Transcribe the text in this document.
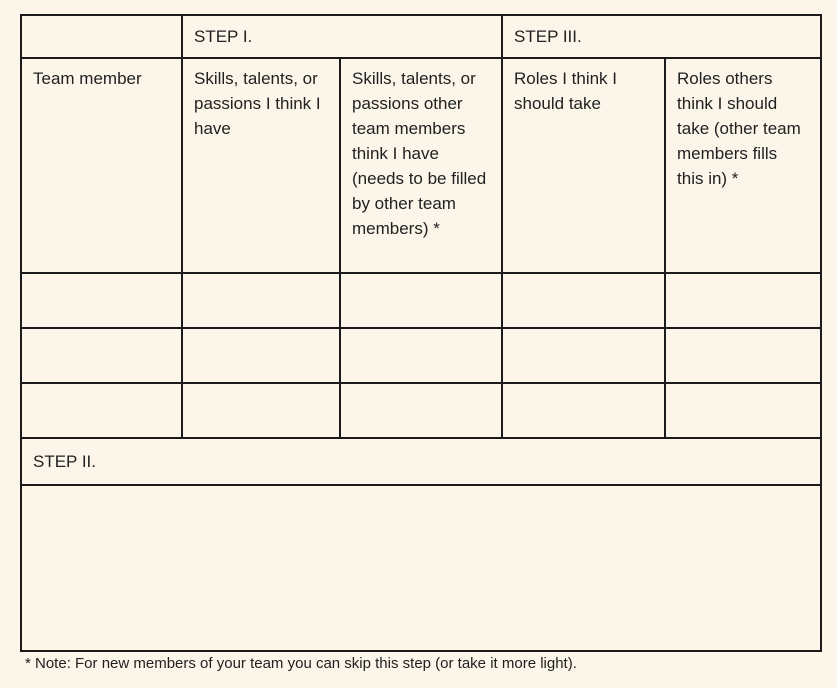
	STEP I.		STEP III.	
Team member	Skills, talents, or passions I think I have	Skills, talents, or passions other team members think I have (needs to be filled by other team members) *	Roles I think I should take	Roles others think I should take (other team members fills this in) *

STEP II.				

* Note: For new members of your team you can skip this step (or take it more light).
